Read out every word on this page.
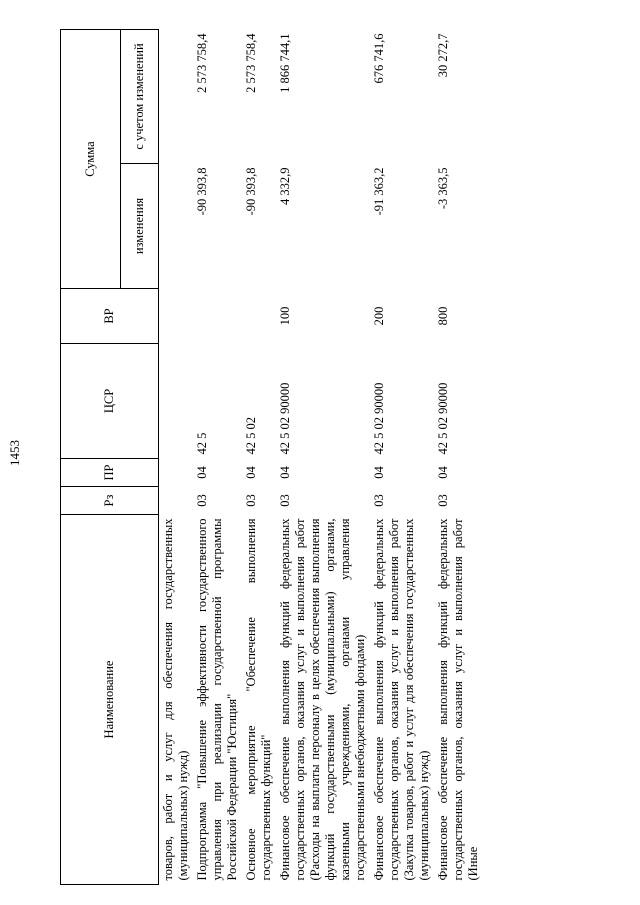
1453
Наименование	Рз	ПР	ЦСР	ВР	Сумма	
					изменения	с учетом изменений
товаров, работ и услуг для обеспечения государственных (муниципальных) нужд)						
Подпрограмма "Повышение эффективности государственного управления при реализации государственной программы Российской Федерации "Юстиция"	03	04	42 5		-90 393,8	2 573 758,4
Основное мероприятие "Обеспечение выполнения государственных функций"	03	04	42 5 02		-90 393,8	2 573 758,4
Финансовое обеспечение выполнения функций федеральных государственных органов, оказания услуг и выполнения работ (Расходы на выплаты персоналу в целях обеспечения выполнения функций государственными (муниципальными) органами, казенными учреждениями, органами управления государственными внебюджетными фондами)	03	04	42 5 02 90000	100	4 332,9	1 866 744,1
Финансовое обеспечение выполнения функций федеральных государственных органов, оказания услуг и выполнения работ (Закупка товаров, работ и услуг для обеспечения государственных (муниципальных) нужд)	03	04	42 5 02 90000	200	-91 363,2	676 741,6
Финансовое обеспечение выполнения функций федеральных государственных органов, оказания услуг и выполнения работ (Иные	03	04	42 5 02 90000	800	-3 363,5	30 272,7
